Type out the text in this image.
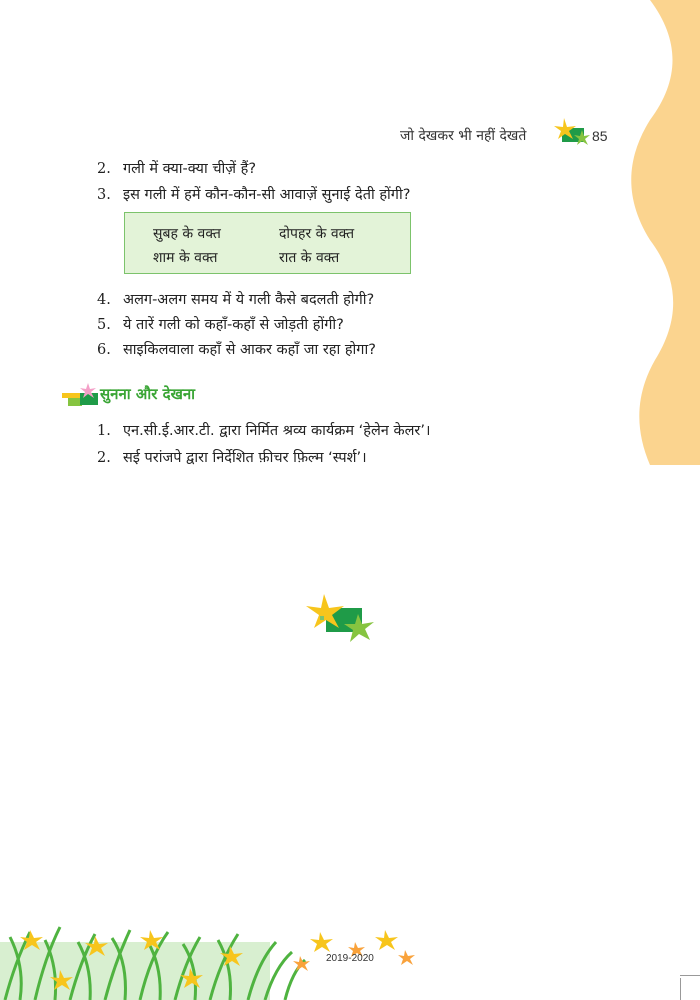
जो देखकर भी नहीं देखते	85
2. गली में क्या-क्या चीज़ें हैं?
3. इस गली में हमें कौन-कौन-सी आवाज़ें सुनाई देती होंगी?
सुबह के वक्त	दोपहर के वक्त
शाम के वक्त	रात के वक्त
4. अलग-अलग समय में ये गली कैसे बदलती होगी?
5. ये तारें गली को कहाँ-कहाँ से जोड़ती होंगी?
6. साइकिलवाला कहाँ से आकर कहाँ जा रहा होगा?
सुनना और देखना
1. एन.सी.ई.आर.टी. द्वारा निर्मित श्रव्य कार्यक्रम ‘हेलेन केलर’।
2. सई परांजपे द्वारा निर्देशित फ़ीचर फ़िल्म ‘स्पर्श’।
2019-2020
